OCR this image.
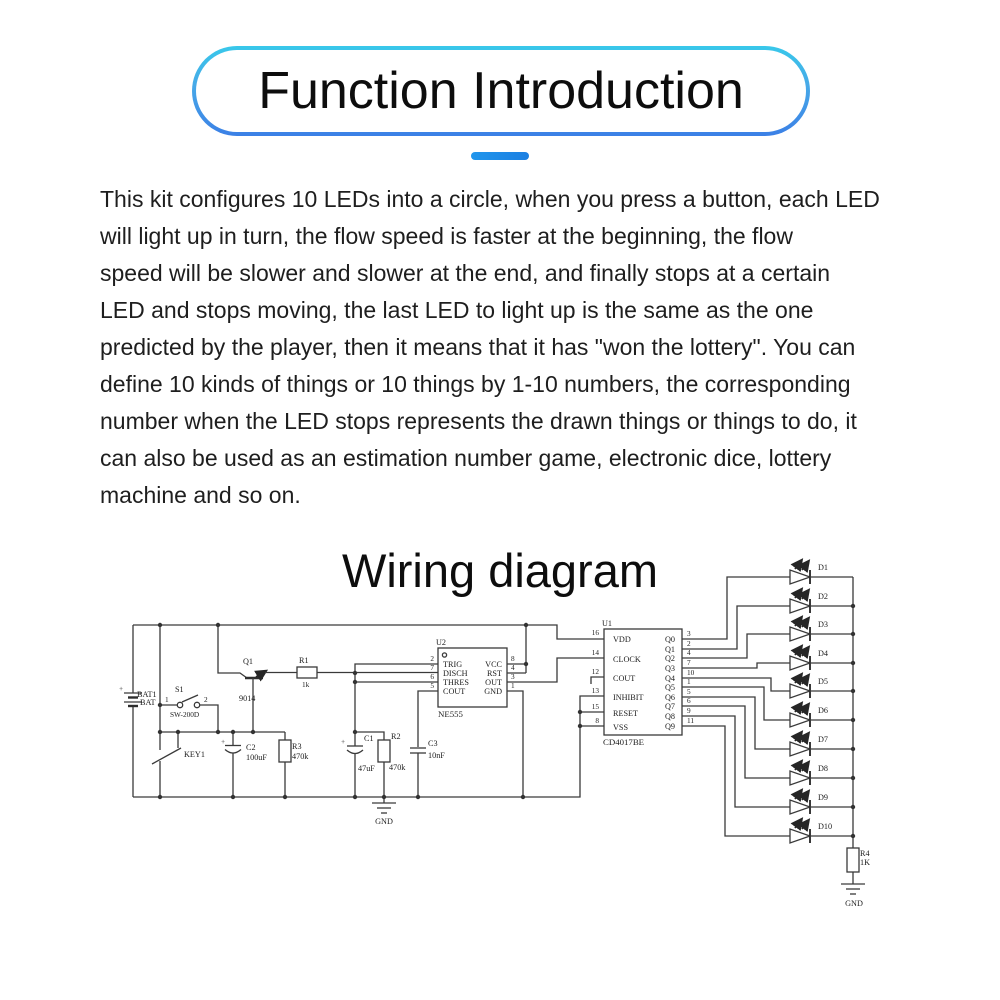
Function Introduction
This kit configures 10 LEDs into a circle, when you press a button, each LED
will light up in turn, the flow speed is faster at the beginning, the flow
speed will be slower and slower at the end, and finally stops at a certain
LED and stops moving, the last LED to light up is the same as the one
predicted by the player, then it means that it has "won the lottery". You can
define 10 kinds of things or 10 things by 1-10 numbers, the corresponding
number when the LED stops represents the drawn things or things to do, it
can also be used as an estimation number game, electronic dice, lottery
machine and so on.
Wiring diagram
+
BAT1
BAT
S1
1	2
SW-200D
KEY1
Q1
9014
R1
1k
+
C2
100uF
R3
470k
+ C1
47uF
R2
470k
C3
10nF
GND
U2
NE555
TRIG
DISCH
THRES
COUT
VCC
RST
OUT
GND
2
7
6
5
8
4
3
1
U1
CD4017BE
VDD
CLOCK
COUT
INHIBIT
RESET
VSS
16
14
12
13
15
8
Q0
Q1
Q2
Q3
Q4
Q5
Q6
Q7
Q8
Q9
3
2
4
7
10
1
5
6
9
11
R4
1K
GND
D1
D2
D3
D4
D5
D6
D7
D8
D9
D10
